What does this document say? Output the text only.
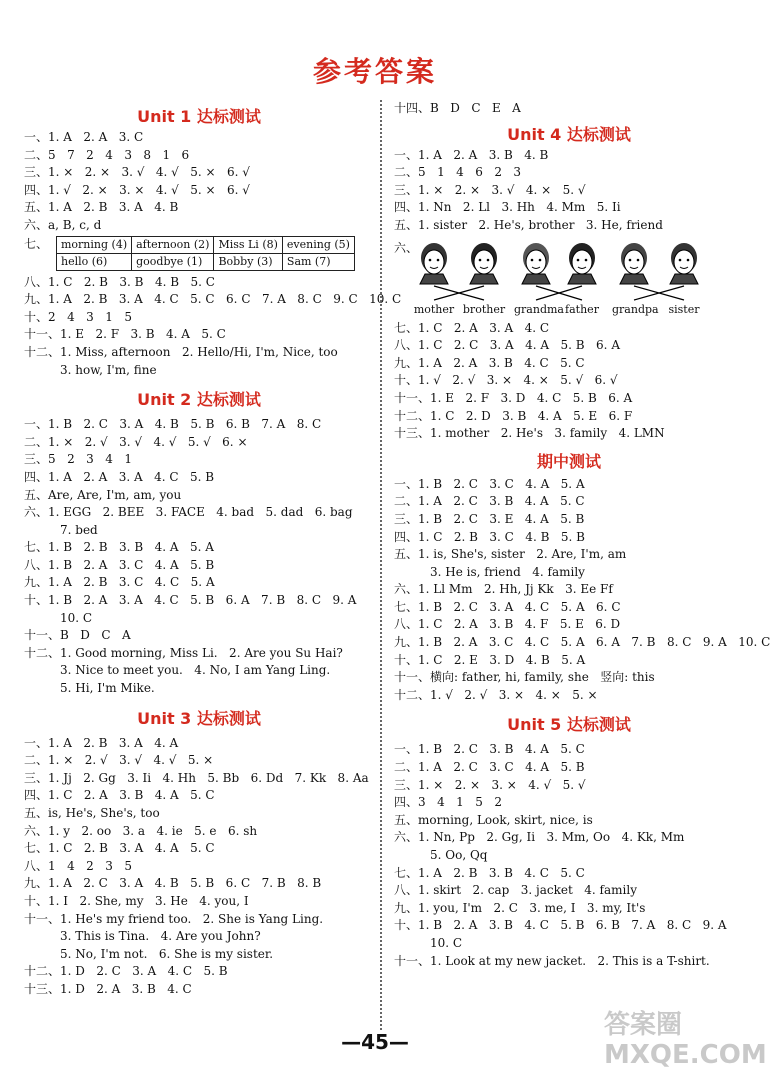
参考答案
Unit 1 达标测试
一、1. A   2. A   3. C
二、5   7   2   4   3   8   1   6
三、1. ×   2. ×   3. √   4. √   5. ×   6. √
四、1. √   2. ×   3. ×   4. √   5. ×   6. √
五、1. A   2. B   3. A   4. B
六、a, B, c, d
七、 morning (4)	afternoon (2)	Miss Li (8)	evening (5)
hello (6)	goodbye (1)	Bobby (3)	Sam (7)
八、1. C   2. B   3. B   4. B   5. C
九、1. A   2. B   3. A   4. C   5. C   6. C   7. A   8. C   9. C   10. C
十、2   4   3   1   5
十一、1. E   2. F   3. B   4. A   5. C
十二、1. Miss, afternoon   2. Hello/Hi, I'm, Nice, too
3. how, I'm, fine
Unit 2 达标测试
一、1. B   2. C   3. A   4. B   5. B   6. B   7. A   8. C
二、1. ×   2. √   3. √   4. √   5. √   6. ×
三、5   2   3   4   1
四、1. A   2. A   3. A   4. C   5. B
五、Are, Are, I'm, am, you
六、1. EGG   2. BEE   3. FACE   4. bad   5. dad   6. bag
7. bed
七、1. B   2. B   3. B   4. A   5. A
八、1. B   2. A   3. C   4. A   5. B
九、1. A   2. B   3. C   4. C   5. A
十、1. B   2. A   3. A   4. C   5. B   6. A   7. B   8. C   9. A
10. C
十一、B   D   C   A
十二、1. Good morning, Miss Li.   2. Are you Su Hai?
3. Nice to meet you.   4. No, I am Yang Ling.
5. Hi, I'm Mike.
Unit 3 达标测试
一、1. A   2. B   3. A   4. A
二、1. ×   2. √   3. √   4. √   5. ×
三、1. Jj   2. Gg   3. Ii   4. Hh   5. Bb   6. Dd   7. Kk   8. Aa
四、1. C   2. A   3. B   4. A   5. C
五、is, He's, She's, too
六、1. y   2. oo   3. a   4. ie   5. e   6. sh
七、1. C   2. B   3. A   4. A   5. C
八、1   4   2   3   5
九、1. A   2. C   3. A   4. B   5. B   6. C   7. B   8. B
十、1. I   2. She, my   3. He   4. you, I
十一、1. He's my friend too.   2. She is Yang Ling.
3. This is Tina.   4. Are you John?
5. No, I'm not.   6. She is my sister.
十二、1. D   2. C   3. A   4. C   5. B
十三、1. D   2. A   3. B   4. C
十四、B   D   C   E   A
Unit 4 达标测试
一、1. A   2. A   3. B   4. B
二、5   1   4   6   2   3
三、1. ×   2. ×   3. √   4. ×   5. √
四、1. Nn   2. Ll   3. Hh   4. Mm   5. Ii
五、1. sister   2. He's, brother   3. He, friend
六、
mother brother grandma father	grandpa sister
七、1. C   2. A   3. A   4. C
八、1. C   2. C   3. A   4. A   5. B   6. A
九、1. A   2. A   3. B   4. C   5. C
十、1. √   2. √   3. ×   4. ×   5. √   6. √
十一、1. E   2. F   3. D   4. C   5. B   6. A
十二、1. C   2. D   3. B   4. A   5. E   6. F
十三、1. mother   2. He's   3. family   4. LMN
期中测试
一、1. B   2. C   3. C   4. A   5. A
二、1. A   2. C   3. B   4. A   5. C
三、1. B   2. C   3. E   4. A   5. B
四、1. C   2. B   3. C   4. B   5. B
五、1. is, She's, sister   2. Are, I'm, am
3. He is, friend   4. family
六、1. Ll Mm   2. Hh, Jj Kk   3. Ee Ff
七、1. B   2. C   3. A   4. C   5. A   6. C
八、1. C   2. A   3. B   4. F   5. E   6. D
九、1. B   2. A   3. C   4. C   5. A   6. A   7. B   8. C   9. A   10. C
十、1. C   2. E   3. D   4. B   5. A
十一、横向: father, hi, family, she   竖向: this
十二、1. √   2. √   3. ×   4. ×   5. ×
Unit 5 达标测试
一、1. B   2. C   3. B   4. A   5. C
二、1. A   2. C   3. C   4. A   5. B
三、1. ×   2. ×   3. ×   4. √   5. √
四、3   4   1   5   2
五、morning, Look, skirt, nice, is
六、1. Nn, Pp   2. Gg, Ii   3. Mm, Oo   4. Kk, Mm
5. Oo, Qq
七、1. A   2. B   3. B   4. C   5. C
八、1. skirt   2. cap   3. jacket   4. family
九、1. you, I'm   2. C   3. me, I   3. my, It's
十、1. B   2. A   3. B   4. C   5. B   6. B   7. A   8. C   9. A
10. C
十一、1. Look at my new jacket.   2. This is a T-shirt.
—45—
答案圈
MXQE.COM
